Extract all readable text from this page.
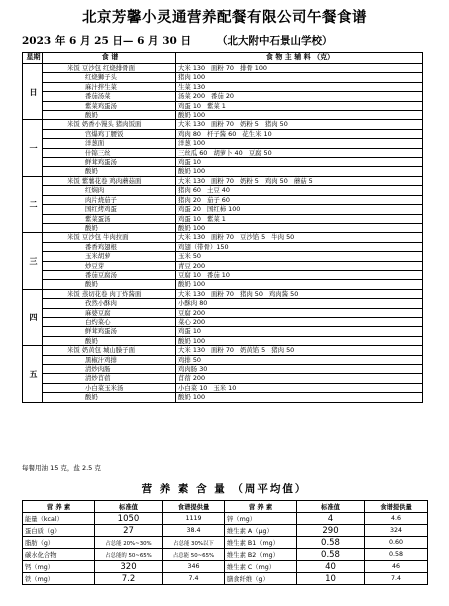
北京芳馨小灵通营养配餐有限公司午餐食谱
2023 年 6 月 25 日— 6 月 30 日 （北大附中石景山学校）
星期	食 谱	食 物 主 辅 料 （克）
日	米饭 豆沙包 红烧排骨面	大米 130 面粉 70 排骨 100
	红烧狮子头	猪肉 100
	麻汁拌生菜	生菜 130
	番茄汤菜	汤菜 200 番茄 20
	紫菜鸡蛋汤	鸡蛋 10 紫菜 1
	酸奶	酸奶 100
一	米饭 奶香小馒头 猪肉饭面	大米 130 面粉 70 奶粉 5 猪肉 50
	宫爆鸡丁腰饭	鸡肉 80 杆子酱 60 花生米 10
	洋葱面	洋葱 100
	什锦三丝	三丝瓜 60 胡萝卜 40 豆腐 50
	鲜茸鸡蛋汤	鸡蛋 10
	酸奶	酸奶 100
二	米饭 紫薯花卷 鸡肉蘑菇面	大米 130 面粉 70 奶粉 5 鸡肉 50 蘑菇 5
	红焖肉	猪肉 60 土豆 40
	肉片烧茄子	猪肉 20 茄子 60
	国红烤鸡蛋	鸡蛋 20 国红柿 100
	紫菜蛋汤	鸡蛋 10 紫菜 1
	酸奶	酸奶 100
三	米饭 豆沙包 牛肉拉面	大米 130 面粉 70 豆沙馅 5 牛肉 50
	番香鸡翅根	鸡翅（带骨）150
	玉米胡萝	玉米 50
	炒豆芽	青豆 200
	番茄豆腐汤	豆腐 10 番茄 10
	酸奶	酸奶 100
四	米饭 蒸切花卷 肉丁炸酱面	大米 130 面粉 70 猪肉 50 鸡肉酱 50
	孜然小酥肉	小酥肉 80
	麻婆豆腐	豆腐 200
	白灼菜心	菜心 200
	鲜茸鸡蛋汤	鸡蛋 10
	酸奶	酸奶 100
五	米饭 奶黄包 城山臊子面	大米 130 面粉 70 奶黄馅 5 猪肉 50
	黑椒汁鸡排	鸡排 50
	清炒肉肠	鸡肉肠 30
	清炒苜蓿	苜蓿 200
	小白菜玉米汤	小白菜 10 玉米 10
	酸奶	酸奶 100
每餐用油 15 克，盐 2.5 克
营 养 素 含 量 （周平均值）
营 养 素	标准值	食谱提供量	营 养 素	标准值	食谱提供量
能量（kcal）	1050	1119	锌（mg）	4	4.6
蛋白质（g）	27	38.4	维生素 A（μg）	290	324
脂肪（g）	占总能 20%~30%	占总能 30%以下	维生素 B1（mg）	0.58	0.60
碳水化合物	占总能的 50~65%	占总能 50~65%	维生素 B2（mg）	0.58	0.58
钙（mg）	320	346	维生素 C（mg）	40	46
铁（mg）	7.2	7.4	膳食纤维（g）	10	7.4
